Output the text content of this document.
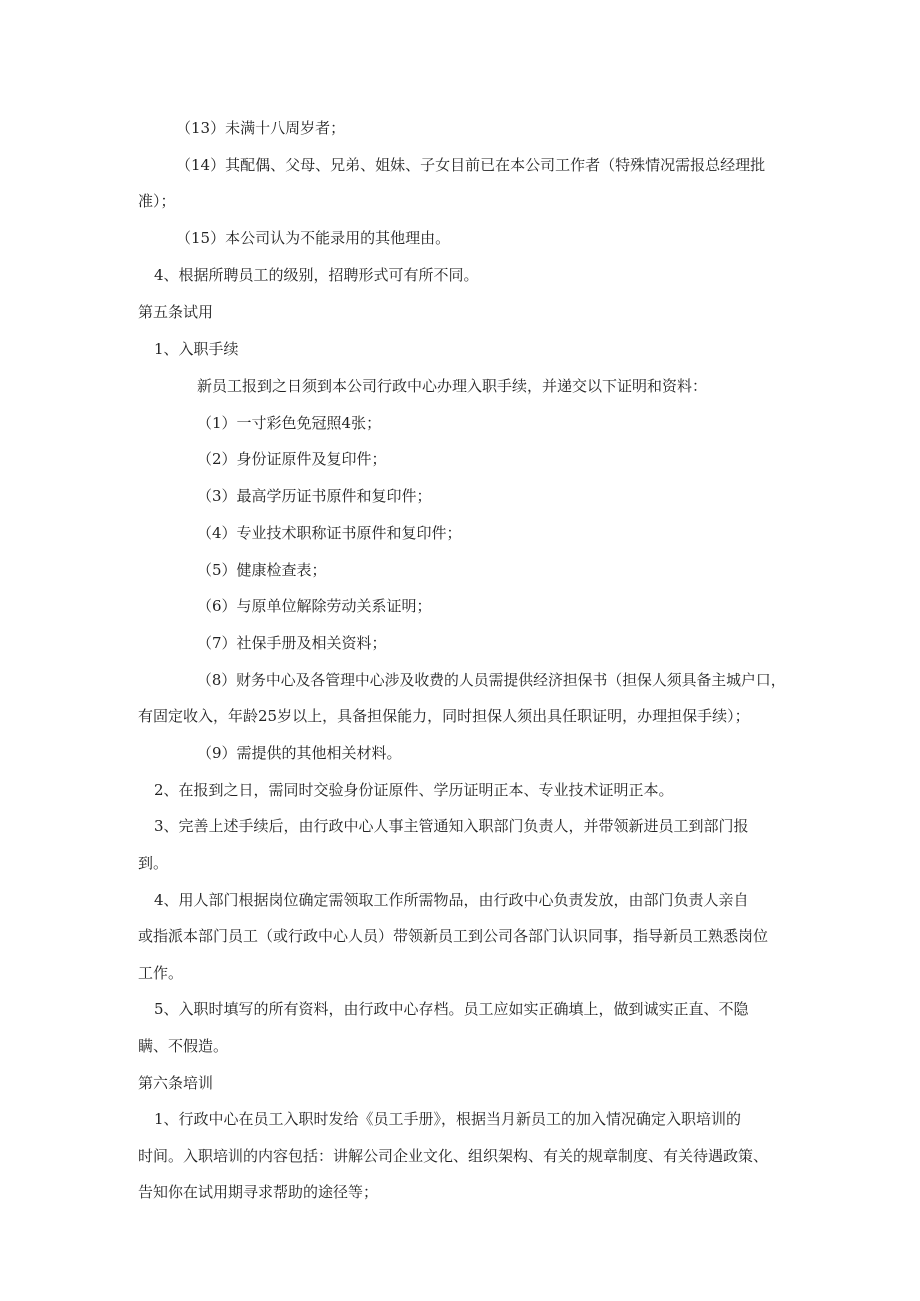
（13）未满十八周岁者；
（14）其配偶、父母、兄弟、姐妹、子女目前已在本公司工作者（特殊情况需报总经理批
准）；
（15）本公司认为不能录用的其他理由。
4、根据所聘员工的级别，招聘形式可有所不同。
第五条试用
1、入职手续
新员工报到之日须到本公司行政中心办理入职手续，并递交以下证明和资料：
（1）一寸彩色免冠照4张；
（2）身份证原件及复印件；
（3）最高学历证书原件和复印件；
（4）专业技术职称证书原件和复印件；
（5）健康检查表；
（6）与原单位解除劳动关系证明；
（7）社保手册及相关资料；
（8）财务中心及各管理中心涉及收费的人员需提供经济担保书（担保人须具备主城户口，
有固定收入，年龄25岁以上，具备担保能力，同时担保人须出具任职证明，办理担保手续）；
（9）需提供的其他相关材料。
2、在报到之日，需同时交验身份证原件、学历证明正本、专业技术证明正本。
3、完善上述手续后，由行政中心人事主管通知入职部门负责人，并带领新进员工到部门报
到。
4、用人部门根据岗位确定需领取工作所需物品，由行政中心负责发放，由部门负责人亲自
或指派本部门员工（或行政中心人员）带领新员工到公司各部门认识同事，指导新员工熟悉岗位
工作。
5、入职时填写的所有资料，由行政中心存档。员工应如实正确填上，做到诚实正直、不隐
瞒、不假造。
第六条培训
1、行政中心在员工入职时发给《员工手册》，根据当月新员工的加入情况确定入职培训的
时间。入职培训的内容包括：讲解公司企业文化、组织架构、有关的规章制度、有关待遇政策、
告知你在试用期寻求帮助的途径等；
